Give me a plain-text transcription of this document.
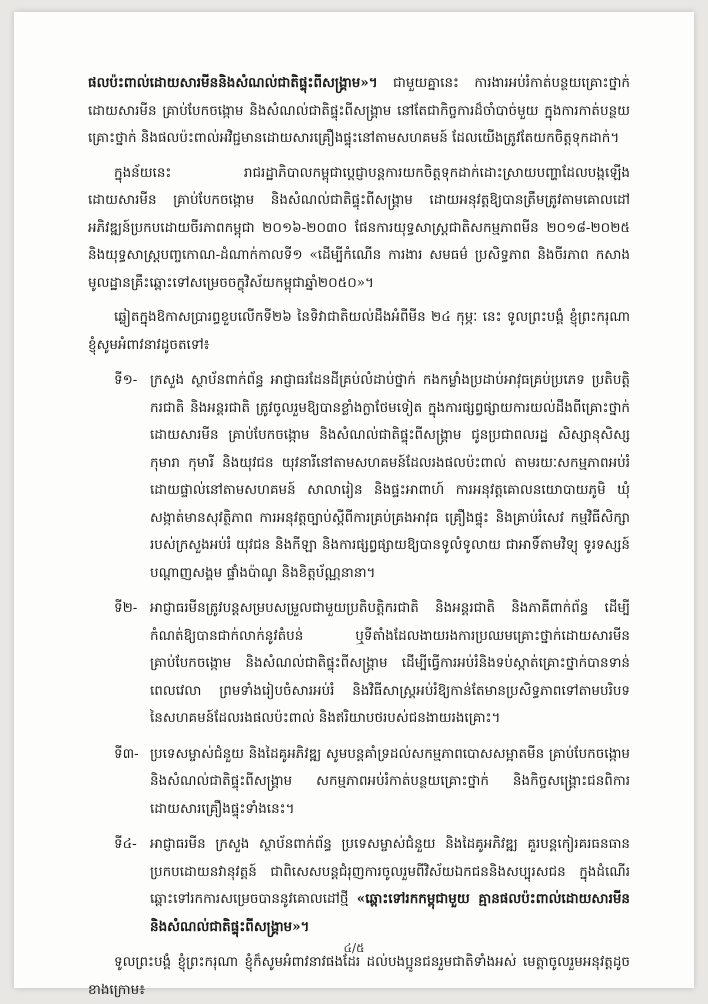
ផលប៉ះពាល់ដោយសារមីននិងសំណល់ជាតិផ្ទុះពីសង្គ្រាម»។ ជាមួយគ្នានេះ ការងារអប់រំកាត់បន្ថយគ្រោះថ្នាក់ដោយសារមីន គ្រាប់បែកចង្កោម និងសំណល់ជាតិផ្ទុះពីសង្គ្រាម នៅតែជាកិច្ចការដ៏ចាំបាច់មួយ ក្នុងការកាត់បន្ថយគ្រោះថ្នាក់ និងផលប៉ះពាល់អវិជ្ជមានដោយសារគ្រឿងផ្ទុះនៅតាមសហគមន៍ ដែលយើងត្រូវតែយកចិត្តទុកដាក់។

ក្នុងន័យនេះ រាជរដ្ឋាភិបាលកម្ពុជាប្តេជ្ញាបន្តការយកចិត្តទុកដាក់ដោះស្រាយបញ្ហាដែលបង្កឡើងដោយសារមីន គ្រាប់បែកចង្កោម និងសំណល់ជាតិផ្ទុះពីសង្គ្រាម ដោយអនុវត្តឱ្យបានត្រឹមត្រូវតាមគោលដៅអភិវឌ្ឍន៍ប្រកបដោយចីរភាពកម្ពុជា ២០១៦-២០៣០ ផែនការយុទ្ធសាស្ត្រជាតិសកម្មភាពមីន ២០១៨-២០២៥ និងយុទ្ធសាស្ត្របញ្ចកោណ-ដំណាក់កាលទី១ «ដើម្បីកំណើន ការងារ សមធម៌ ប្រសិទ្ធភាព និងចីរភាព កសាងមូលដ្ឋានគ្រឹះឆ្ពោះទៅសម្រេចចក្ខុវិស័យកម្ពុជាឆ្នាំ២០៥០»។

ឆ្លៀតក្នុងឱកាសប្រារព្ធខួបលើកទី២៦ នៃទិវាជាតិយល់ដឹងអំពីមីន ២៤ កុម្ភៈ នេះ ទូលព្រះបង្គំ ខ្ញុំព្រះករុណា ខ្ញុំសូមអំពាវនាវដូចតទៅ៖

ទី១- ក្រសួង ស្ថាប័នពាក់ព័ន្ធ អាជ្ញាធរដែនដីគ្រប់លំដាប់ថ្នាក់ កងកម្លាំងប្រដាប់អាវុធគ្រប់ប្រភេទ ប្រតិបត្តិករជាតិ និងអន្តរជាតិ ត្រូវចូលរួមឱ្យបានខ្លាំងក្លាថែមទៀត ក្នុងការផ្សព្វផ្សាយការយល់ដឹងពីគ្រោះថ្នាក់ដោយសារមីន គ្រាប់បែកចង្កោម និងសំណល់ជាតិផ្ទុះពីសង្គ្រាម ជូនប្រជាពលរដ្ឋ សិស្សានុសិស្ស កុមារា កុមារី និងយុវជន យុវនារីនៅតាមសហគមន៍ដែលរងផលប៉ះពាល់ តាមរយៈសកម្មភាពអប់រំដោយផ្ទាល់នៅតាមសហគមន៍ សាលារៀន និងផ្ទះអាពាហ៍ ការអនុវត្តគោលនយោបាយភូមិ ឃុំ សង្កាត់មានសុវត្ថិភាព ការអនុវត្តច្បាប់ស្តីពីការគ្រប់គ្រងអាវុធ គ្រឿងផ្ទុះ និងគ្រាប់រំសេវ កម្មវិធីសិក្សារបស់ក្រសួងអប់រំ យុវជន និងកីឡា និងការផ្សព្វផ្សាយឱ្យបានទូលំទូលាយ ជាអាទិ៍តាមវិទ្យុ ទូរទស្សន៍ បណ្តាញសង្គម ផ្ទាំងប៉ាណូ និងខិត្តប័ណ្ណនានា។
ទី២- អាជ្ញាធរមីនត្រូវបន្តសម្របសម្រួលជាមួយប្រតិបត្តិករជាតិ និងអន្តរជាតិ និងភាគីពាក់ព័ន្ធ ដើម្បីកំណត់ឱ្យបានជាក់លាក់នូវតំបន់ ឬទីតាំងដែលងាយរងការប្រឈមគ្រោះថ្នាក់ដោយសារមីន គ្រាប់បែកចង្កោម និងសំណល់ជាតិផ្ទុះពីសង្គ្រាម ដើម្បីធ្វើការអប់រំនិងទប់ស្កាត់គ្រោះថ្នាក់បានទាន់ពេលវេលា ព្រមទាំងរៀបចំសារអប់រំ និងវិធីសាស្ត្រអប់រំឱ្យកាន់តែមានប្រសិទ្ធភាពទៅតាមបរិបទនៃសហគមន៍ដែលរងផលប៉ះពាល់ និងឥរិយាបថរបស់ជនងាយរងគ្រោះ។
ទី៣- ប្រទេសម្ចាស់ជំនួយ និងដៃគូអភិវឌ្ឍ សូមបន្តគាំទ្រដល់សកម្មភាពបោសសម្អាតមីន គ្រាប់បែកចង្កោម និងសំណល់ជាតិផ្ទុះពីសង្គ្រាម សកម្មភាពអប់រំកាត់បន្ថយគ្រោះថ្នាក់ និងកិច្ចសង្គ្រោះជនពិការដោយសារគ្រឿងផ្ទុះទាំងនេះ។
ទី៤- អាជ្ញាធរមីន ក្រសួង ស្ថាប័នពាក់ព័ន្ធ ប្រទេសម្ចាស់ជំនួយ និងដៃគូអភិវឌ្ឍ គួរបន្តកៀរគរធនធានប្រកបដោយនវានុវត្តន៍ ជាពិសេសបន្តជំរុញការចូលរួមពីវិស័យឯកជននិងសប្បុរសជន ក្នុងដំណើរឆ្ពោះទៅរកការសម្រេចបាននូវគោលដៅថ្មី «ឆ្ពោះទៅរកកម្ពុជាមួយ គ្មានផលប៉ះពាល់ដោយសារមីន និងសំណល់ជាតិផ្ទុះពីសង្គ្រាម»។

ទូលព្រះបង្គំ ខ្ញុំព្រះករុណា ខ្ញុំក៏សូមអំពាវនាវផងដែរ ដល់បងប្អូនជនរួមជាតិទាំងអស់ មេត្តាចូលរួមអនុវត្តដូចខាងក្រោម៖

៤/៥
